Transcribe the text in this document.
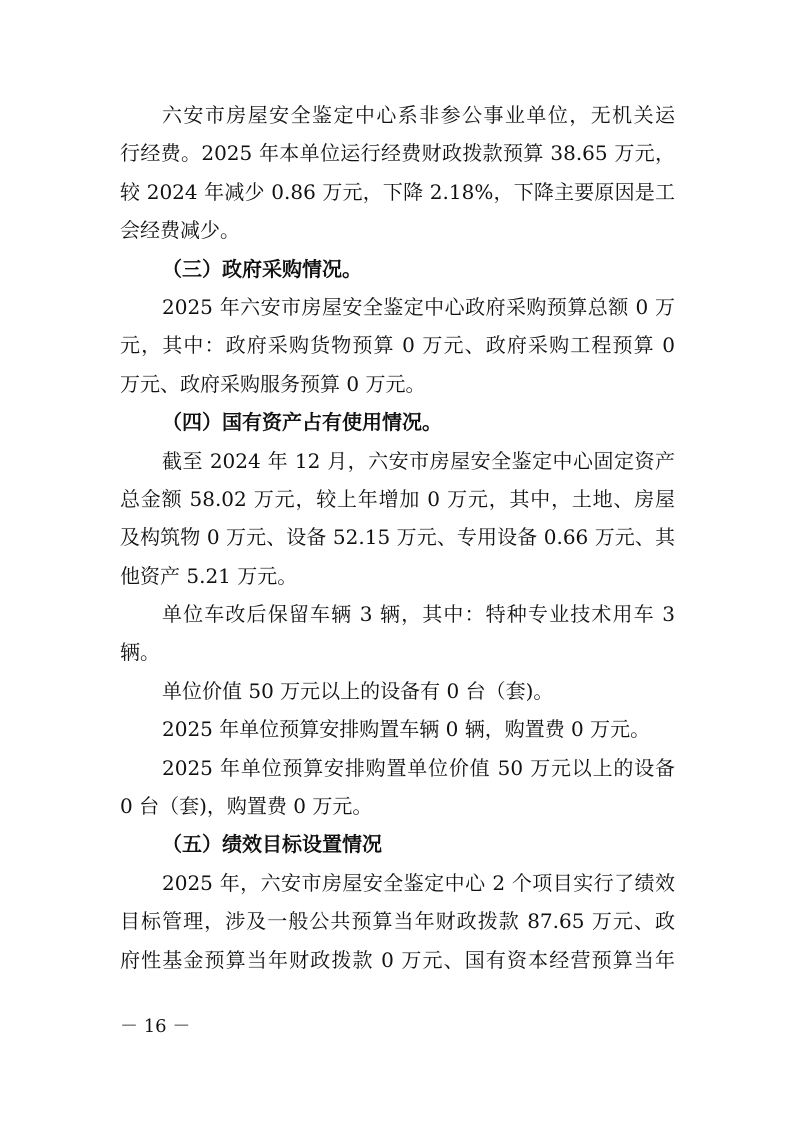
六安市房屋安全鉴定中心系非参公事业单位，无机关运
行经费。2025 年本单位运行经费财政拨款预算 38.65 万元，
较 2024 年减少 0.86 万元，下降 2.18%，下降主要原因是工
会经费减少。
（三）政府采购情况。
2025 年六安市房屋安全鉴定中心政府采购预算总额 0 万
元，其中：政府采购货物预算 0 万元、政府采购工程预算 0
万元、政府采购服务预算 0 万元。
（四）国有资产占有使用情况。
截至 2024 年 12 月，六安市房屋安全鉴定中心固定资产
总金额 58.02 万元，较上年增加 0 万元，其中，土地、房屋
及构筑物 0 万元、设备 52.15 万元、专用设备 0.66 万元、其
他资产 5.21 万元。
单位车改后保留车辆 3 辆，其中：特种专业技术用车 3
辆。
单位价值 50 万元以上的设备有 0 台（套)。
2025 年单位预算安排购置车辆 0 辆，购置费 0 万元。
2025 年单位预算安排购置单位价值 50 万元以上的设备
0 台（套)，购置费 0 万元。
（五）绩效目标设置情况
2025 年，六安市房屋安全鉴定中心 2 个项目实行了绩效
目标管理，涉及一般公共预算当年财政拨款 87.65 万元、政
府性基金预算当年财政拨款 0 万元、国有资本经营预算当年
－ 16 －
